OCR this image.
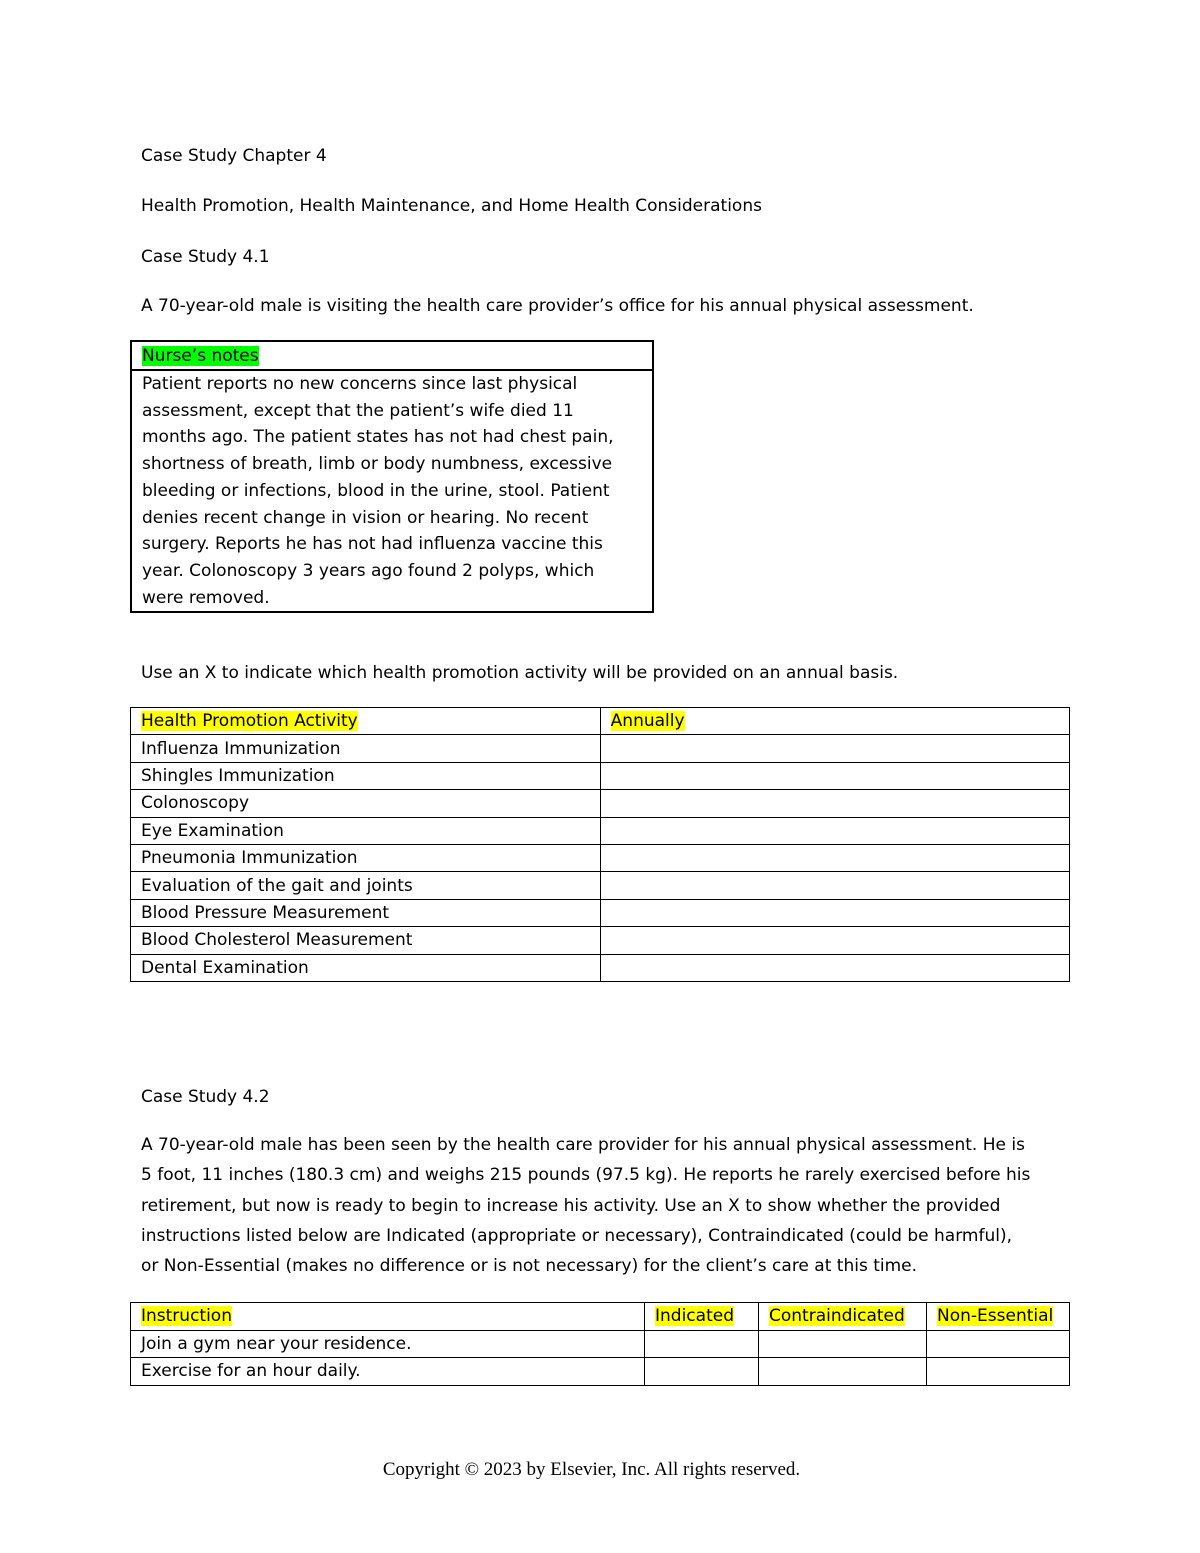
Case Study Chapter 4
Health Promotion, Health Maintenance, and Home Health Considerations
Case Study 4.1
A 70-year-old male is visiting the health care provider’s office for his annual physical assessment.
Nurse’s notes

Patient reports no new concerns since last physical
assessment, except that the patient’s wife died 11
months ago. The patient states has not had chest pain,
shortness of breath, limb or body numbness, excessive
bleeding or infections, blood in the urine, stool. Patient
denies recent change in vision or hearing. No recent
surgery. Reports he has not had influenza vaccine this
year. Colonoscopy 3 years ago found 2 polyps, which
were removed.
Use an X to indicate which health promotion activity will be provided on an annual basis.
Health Promotion Activity	Annually
Influenza Immunization	
Shingles Immunization	
Colonoscopy	
Eye Examination	
Pneumonia Immunization	
Evaluation of the gait and joints	
Blood Pressure Measurement	
Blood Cholesterol Measurement	
Dental Examination	
Case Study 4.2
A 70-year-old male has been seen by the health care provider for his annual physical assessment. He is
5 foot, 11 inches (180.3 cm) and weighs 215 pounds (97.5 kg). He reports he rarely exercised before his
retirement, but now is ready to begin to increase his activity. Use an X to show whether the provided
instructions listed below are Indicated (appropriate or necessary), Contraindicated (could be harmful),
or Non-Essential (makes no difference or is not necessary) for the client’s care at this time.
Instruction	Indicated	Contraindicated	Non-Essential
Join a gym near your residence.			
Exercise for an hour daily.			
Copyright © 2023 by Elsevier, Inc. All rights reserved.
